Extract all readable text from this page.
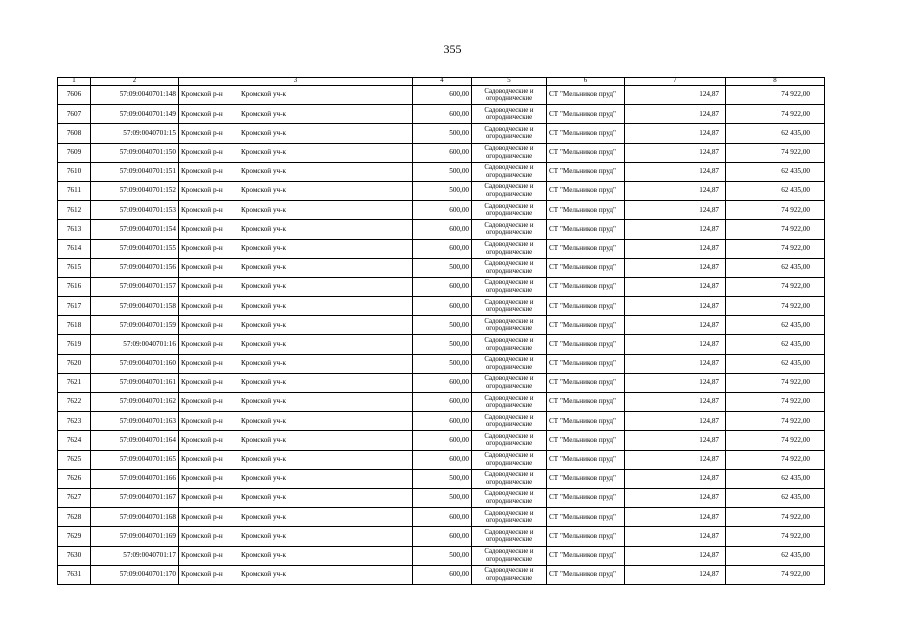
355
1	2	3	4	5	6	7	8
7606	57:09:0040701:148	Кромской р-н Кромской уч-к	600,00	Садоводческие и огороднические	СТ "Мельников пруд"	124,87	74 922,00
7607	57:09:0040701:149	Кромской р-н Кромской уч-к	600,00	Садоводческие и огороднические	СТ "Мельников пруд"	124,87	74 922,00
7608	57:09:0040701:15	Кромской р-н Кромской уч-к	500,00	Садоводческие и огороднические	СТ "Мельников пруд"	124,87	62 435,00
7609	57:09:0040701:150	Кромской р-н Кромской уч-к	600,00	Садоводческие и огороднические	СТ "Мельников пруд"	124,87	74 922,00
7610	57:09:0040701:151	Кромской р-н Кромской уч-к	500,00	Садоводческие и огороднические	СТ "Мельников пруд"	124,87	62 435,00
7611	57:09:0040701:152	Кромской р-н Кромской уч-к	500,00	Садоводческие и огороднические	СТ "Мельников пруд"	124,87	62 435,00
7612	57:09:0040701:153	Кромской р-н Кромской уч-к	600,00	Садоводческие и огороднические	СТ "Мельников пруд"	124,87	74 922,00
7613	57:09:0040701:154	Кромской р-н Кромской уч-к	600,00	Садоводческие и огороднические	СТ "Мельников пруд"	124,87	74 922,00
7614	57:09:0040701:155	Кромской р-н Кромской уч-к	600,00	Садоводческие и огороднические	СТ "Мельников пруд"	124,87	74 922,00
7615	57:09:0040701:156	Кромской р-н Кромской уч-к	500,00	Садоводческие и огороднические	СТ "Мельников пруд"	124,87	62 435,00
7616	57:09:0040701:157	Кромской р-н Кромской уч-к	600,00	Садоводческие и огороднические	СТ "Мельников пруд"	124,87	74 922,00
7617	57:09:0040701:158	Кромской р-н Кромской уч-к	600,00	Садоводческие и огороднические	СТ "Мельников пруд"	124,87	74 922,00
7618	57:09:0040701:159	Кромской р-н Кромской уч-к	500,00	Садоводческие и огороднические	СТ "Мельников пруд"	124,87	62 435,00
7619	57:09:0040701:16	Кромской р-н Кромской уч-к	500,00	Садоводческие и огороднические	СТ "Мельников пруд"	124,87	62 435,00
7620	57:09:0040701:160	Кромской р-н Кромской уч-к	500,00	Садоводческие и огороднические	СТ "Мельников пруд"	124,87	62 435,00
7621	57:09:0040701:161	Кромской р-н Кромской уч-к	600,00	Садоводческие и огороднические	СТ "Мельников пруд"	124,87	74 922,00
7622	57:09:0040701:162	Кромской р-н Кромской уч-к	600,00	Садоводческие и огороднические	СТ "Мельников пруд"	124,87	74 922,00
7623	57:09:0040701:163	Кромской р-н Кромской уч-к	600,00	Садоводческие и огороднические	СТ "Мельников пруд"	124,87	74 922,00
7624	57:09:0040701:164	Кромской р-н Кромской уч-к	600,00	Садоводческие и огороднические	СТ "Мельников пруд"	124,87	74 922,00
7625	57:09:0040701:165	Кромской р-н Кромской уч-к	600,00	Садоводческие и огороднические	СТ "Мельников пруд"	124,87	74 922,00
7626	57:09:0040701:166	Кромской р-н Кромской уч-к	500,00	Садоводческие и огороднические	СТ "Мельников пруд"	124,87	62 435,00
7627	57:09:0040701:167	Кромской р-н Кромской уч-к	500,00	Садоводческие и огороднические	СТ "Мельников пруд"	124,87	62 435,00
7628	57:09:0040701:168	Кромской р-н Кромской уч-к	600,00	Садоводческие и огороднические	СТ "Мельников пруд"	124,87	74 922,00
7629	57:09:0040701:169	Кромской р-н Кромской уч-к	600,00	Садоводческие и огороднические	СТ "Мельников пруд"	124,87	74 922,00
7630	57:09:0040701:17	Кромской р-н Кромской уч-к	500,00	Садоводческие и огороднические	СТ "Мельников пруд"	124,87	62 435,00
7631	57:09:0040701:170	Кромской р-н Кромской уч-к	600,00	Садоводческие и огороднические	СТ "Мельников пруд"	124,87	74 922,00
